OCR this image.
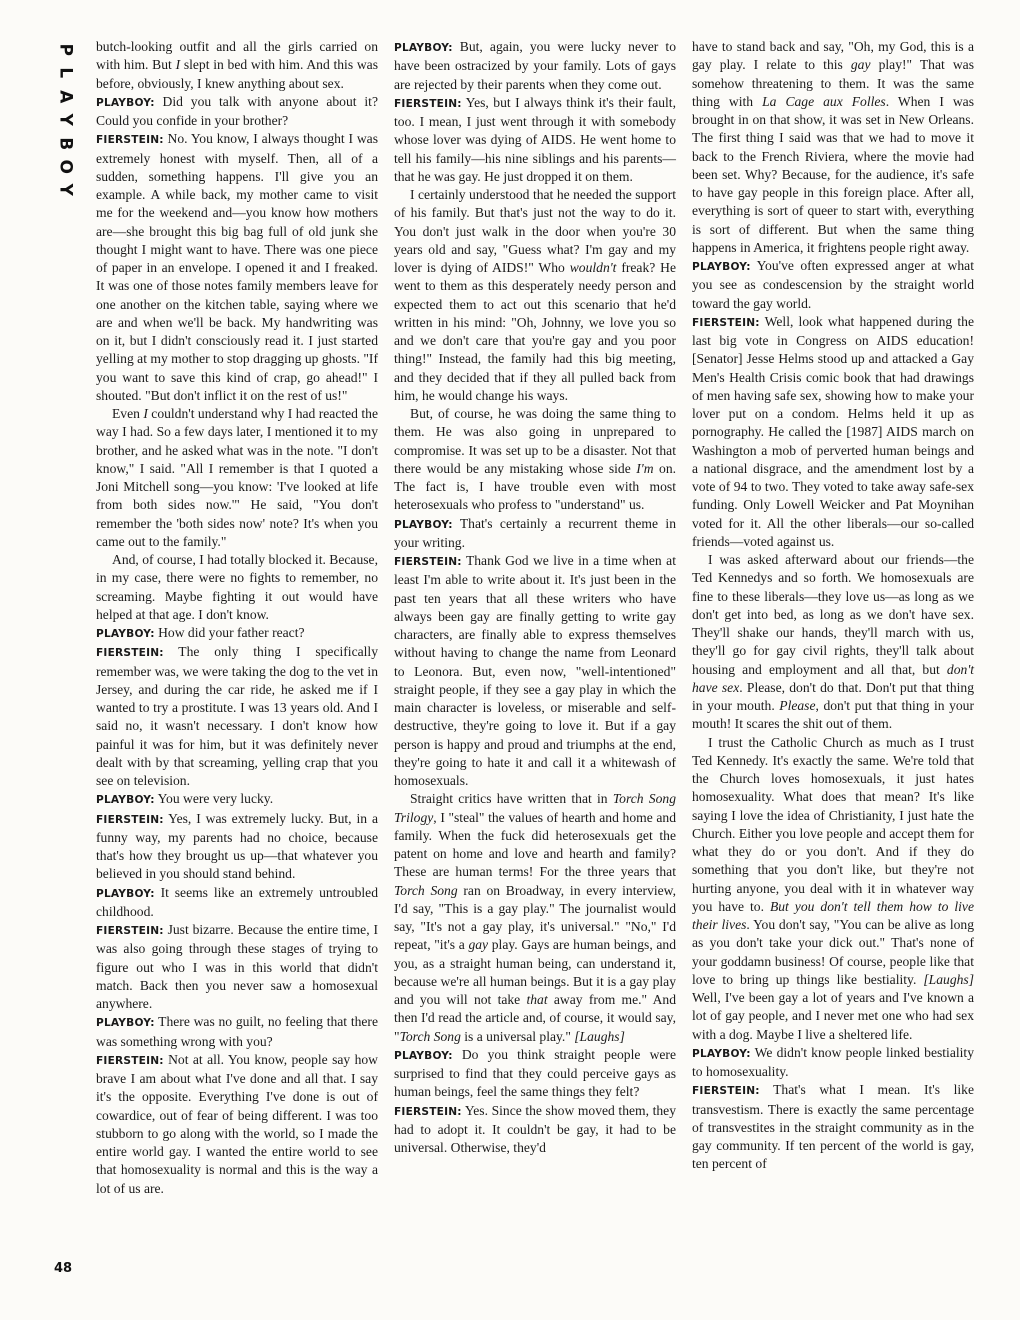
P
L
A
Y
B
O
Y

butch-looking outfit and all the girls carried on with him. But I slept in bed with him. And this was before, obviously, I knew anything about sex.

PLAYBOY: Did you talk with anyone about it? Could you confide in your brother?

FIERSTEIN: No. You know, I always thought I was extremely honest with myself. Then, all of a sudden, something happens. I'll give you an example. A while back, my mother came to visit me for the weekend and—you know how mothers are—she brought this big bag full of old junk she thought I might want to have. There was one piece of paper in an envelope. I opened it and I freaked. It was one of those notes family members leave for one another on the kitchen table, saying where we are and when we'll be back. My handwriting was on it, but I didn't consciously read it. I just started yelling at my mother to stop dragging up ghosts. "If you want to save this kind of crap, go ahead!" I shouted. "But don't inflict it on the rest of us!"

Even I couldn't understand why I had reacted the way I had. So a few days later, I mentioned it to my brother, and he asked what was in the note. "I don't know," I said. "All I remember is that I quoted a Joni Mitchell song—you know: 'I've looked at life from both sides now.'" He said, "You don't remember the 'both sides now' note? It's when you came out to the family."

And, of course, I had totally blocked it. Because, in my case, there were no fights to remember, no screaming. Maybe fighting it out would have helped at that age. I don't know.

PLAYBOY: How did your father react?

FIERSTEIN: The only thing I specifically remember was, we were taking the dog to the vet in Jersey, and during the car ride, he asked me if I wanted to try a prostitute. I was 13 years old. And I said no, it wasn't necessary. I don't know how painful it was for him, but it was definitely never dealt with by that screaming, yelling crap that you see on television.

PLAYBOY: You were very lucky.

FIERSTEIN: Yes, I was extremely lucky. But, in a funny way, my parents had no choice, because that's how they brought us up—that whatever you believed in you should stand behind.

PLAYBOY: It seems like an extremely untroubled childhood.

FIERSTEIN: Just bizarre. Because the entire time, I was also going through these stages of trying to figure out who I was in this world that didn't match. Back then you never saw a homosexual anywhere.

PLAYBOY: There was no guilt, no feeling that there was something wrong with you?

FIERSTEIN: Not at all. You know, people say how brave I am about what I've done and all that. I say it's the opposite. Everything I've done is out of cowardice, out of fear of being different. I was too stubborn to go along with the world, so I made the entire world gay. I wanted the entire world to see that homosexuality is normal and this is the way a lot of us are.

PLAYBOY: But, again, you were lucky never to have been ostracized by your family. Lots of gays are rejected by their parents when they come out.

FIERSTEIN: Yes, but I always think it's their fault, too. I mean, I just went through it with somebody whose lover was dying of AIDS. He went home to tell his family—his nine siblings and his parents—that he was gay. He just dropped it on them.

I certainly understood that he needed the support of his family. But that's just not the way to do it. You don't just walk in the door when you're 30 years old and say, "Guess what? I'm gay and my lover is dying of AIDS!" Who wouldn't freak? He went to them as this desperately needy person and expected them to act out this scenario that he'd written in his mind: "Oh, Johnny, we love you so and we don't care that you're gay and you poor thing!" Instead, the family had this big meeting, and they decided that if they all pulled back from him, he would change his ways.

But, of course, he was doing the same thing to them. He was also going in unprepared to compromise. It was set up to be a disaster. Not that there would be any mistaking whose side I'm on. The fact is, I have trouble even with most heterosexuals who profess to "understand" us.

PLAYBOY: That's certainly a recurrent theme in your writing.

FIERSTEIN: Thank God we live in a time when at least I'm able to write about it. It's just been in the past ten years that all these writers who have always been gay are finally getting to write gay characters, are finally able to express themselves without having to change the name from Leonard to Leonora. But, even now, "well-intentioned" straight people, if they see a gay play in which the main character is loveless, or miserable and self-destructive, they're going to love it. But if a gay person is happy and proud and triumphs at the end, they're going to hate it and call it a whitewash of homosexuals.

Straight critics have written that in Torch Song Trilogy, I "steal" the values of hearth and home and family. When the fuck did heterosexuals get the patent on home and love and hearth and family? These are human terms! For the three years that Torch Song ran on Broadway, in every interview, I'd say, "This is a gay play." The journalist would say, "It's not a gay play, it's universal." "No," I'd repeat, "it's a gay play. Gays are human beings, and you, as a straight human being, can understand it, because we're all human beings. But it is a gay play and you will not take that away from me." And then I'd read the article and, of course, it would say, "Torch Song is a universal play." [Laughs]

PLAYBOY: Do you think straight people were surprised to find that they could perceive gays as human beings, feel the same things they felt?

FIERSTEIN: Yes. Since the show moved them, they had to adopt it. It couldn't be gay, it had to be universal. Otherwise, they'd

have to stand back and say, "Oh, my God, this is a gay play. I relate to this gay play!" That was somehow threatening to them. It was the same thing with La Cage aux Folles. When I was brought in on that show, it was set in New Orleans. The first thing I said was that we had to move it back to the French Riviera, where the movie had been set. Why? Because, for the audience, it's safe to have gay people in this foreign place. After all, everything is sort of queer to start with, everything is sort of different. But when the same thing happens in America, it frightens people right away.

PLAYBOY: You've often expressed anger at what you see as condescension by the straight world toward the gay world.

FIERSTEIN: Well, look what happened during the last big vote in Congress on AIDS education! [Senator] Jesse Helms stood up and attacked a Gay Men's Health Crisis comic book that had drawings of men having safe sex, showing how to make your lover put on a condom. Helms held it up as pornography. He called the [1987] AIDS march on Washington a mob of perverted human beings and a national disgrace, and the amendment lost by a vote of 94 to two. They voted to take away safe-sex funding. Only Lowell Weicker and Pat Moynihan voted for it. All the other liberals—our so-called friends—voted against us.

I was asked afterward about our friends—the Ted Kennedys and so forth. We homosexuals are fine to these liberals—they love us—as long as we don't get into bed, as long as we don't have sex. They'll shake our hands, they'll march with us, they'll go for gay civil rights, they'll talk about housing and employment and all that, but don't have sex. Please, don't do that. Don't put that thing in your mouth. Please, don't put that thing in your mouth! It scares the shit out of them.

I trust the Catholic Church as much as I trust Ted Kennedy. It's exactly the same. We're told that the Church loves homosexuals, it just hates homosexuality. What does that mean? It's like saying I love the idea of Christianity, I just hate the Church. Either you love people and accept them for what they do or you don't. And if they do something that you don't like, but they're not hurting anyone, you deal with it in whatever way you have to. But you don't tell them how to live their lives. You don't say, "You can be alive as long as you don't take your dick out." That's none of your goddamn business! Of course, people like that love to bring up things like bestiality. [Laughs] Well, I've been gay a lot of years and I've known a lot of gay people, and I never met one who had sex with a dog. Maybe I live a sheltered life.

PLAYBOY: We didn't know people linked bestiality to homosexuality.

FIERSTEIN: That's what I mean. It's like transvestism. There is exactly the same percentage of transvestites in the straight community as in the gay community. If ten percent of the world is gay, ten percent of

48
